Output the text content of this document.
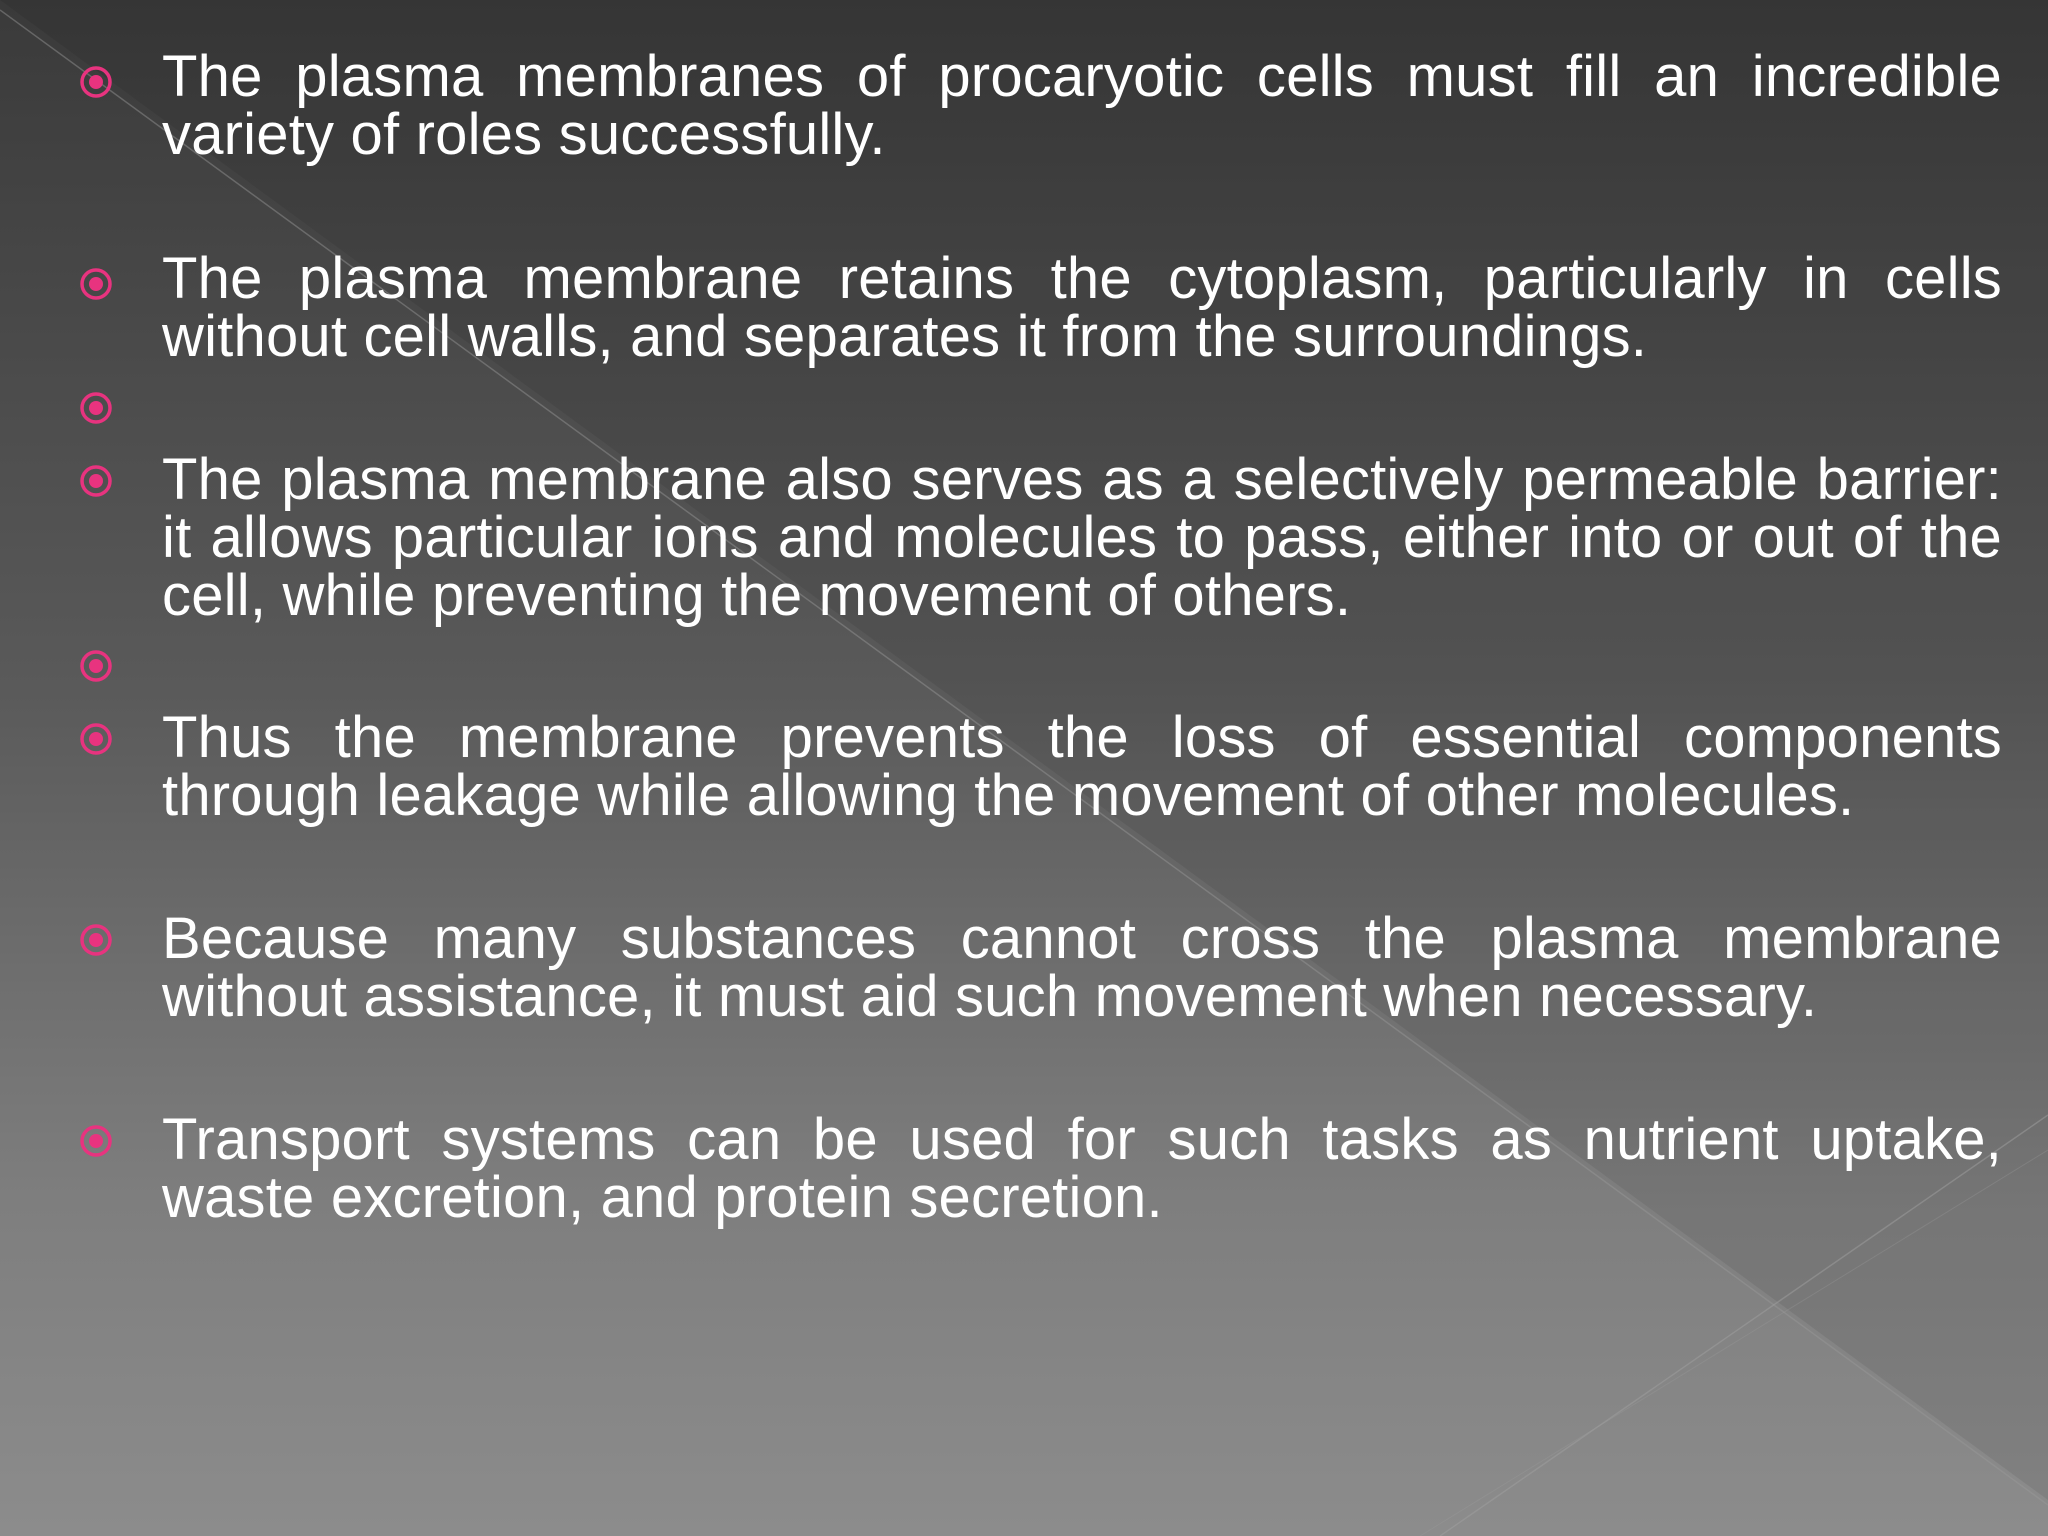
The plasma membranes of procaryotic cells must fill an incredible variety of roles successfully.
The plasma membrane retains the cytoplasm, particularly in cells without cell walls, and separates it from the surroundings.
The plasma membrane also serves as a selectively permeable barrier: it allows particular ions and molecules to pass, either into or out of the cell, while preventing the movement of others.
Thus the membrane prevents the loss of essential components through leakage while allowing the movement of other molecules.
Because many substances cannot cross the plasma membrane without assistance, it must aid such movement when necessary.
Transport systems can be used for such tasks as nutrient uptake, waste excretion, and protein secretion.
